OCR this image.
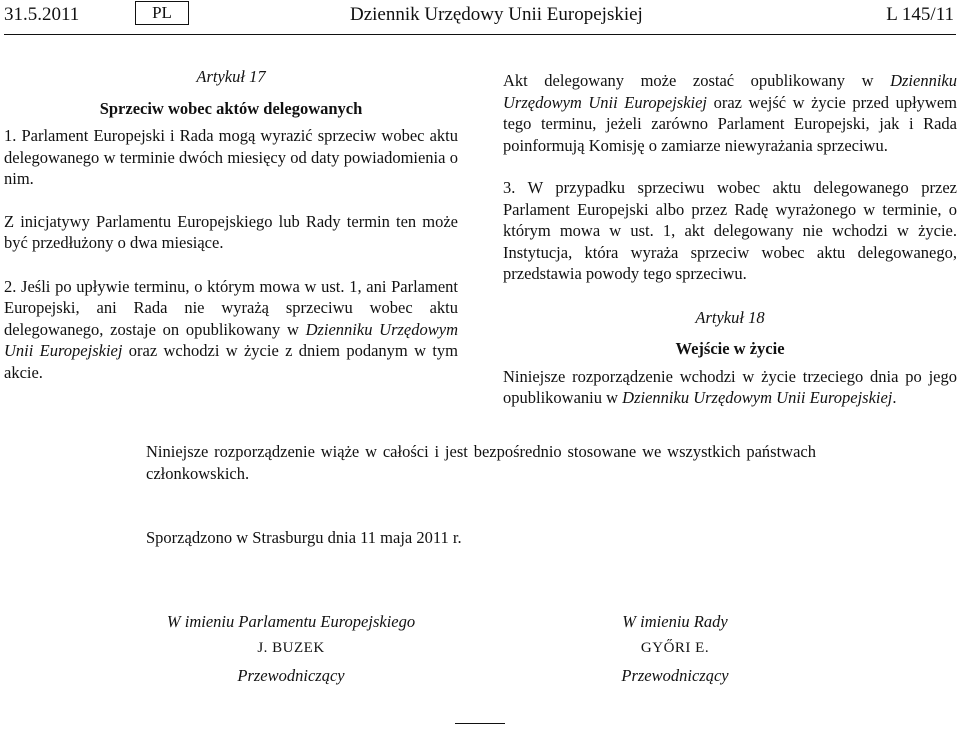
31.5.2011	PL	Dziennik Urzędowy Unii Europejskiej	L 145/11

Artykuł 17

Sprzeciw wobec aktów delegowanych

1. Parlament Europejski i Rada mogą wyrazić sprzeciw wobec aktu delegowanego w terminie dwóch miesięcy od daty powiadomienia o nim.

Z inicjatywy Parlamentu Europejskiego lub Rady termin ten może być przedłużony o dwa miesiące.

2. Jeśli po upływie terminu, o którym mowa w ust. 1, ani Parlament Europejski, ani Rada nie wyrażą sprzeciwu wobec aktu delegowanego, zostaje on opublikowany w Dzienniku Urzędowym Unii Europejskiej oraz wchodzi w życie z dniem podanym w tym akcie.

Akt delegowany może zostać opublikowany w Dzienniku Urzędowym Unii Europejskiej oraz wejść w życie przed upływem tego terminu, jeżeli zarówno Parlament Europejski, jak i Rada poinformują Komisję o zamiarze niewyrażania sprzeciwu.

3. W przypadku sprzeciwu wobec aktu delegowanego przez Parlament Europejski albo przez Radę wyrażonego w terminie, o którym mowa w ust. 1, akt delegowany nie wchodzi w życie. Instytucja, która wyraża sprzeciw wobec aktu delegowanego, przedstawia powody tego sprzeciwu.

Artykuł 18

Wejście w życie

Niniejsze rozporządzenie wchodzi w życie trzeciego dnia po jego opublikowaniu w Dzienniku Urzędowym Unii Europejskiej.

Niniejsze rozporządzenie wiąże w całości i jest bezpośrednio stosowane we wszystkich państwach członkowskich.

Sporządzono w Strasburgu dnia 11 maja 2011 r.
W imieniu Parlamentu Europejskiego
J. BUZEK
Przewodniczący
W imieniu Rady
GYŐRI E.
Przewodniczący
